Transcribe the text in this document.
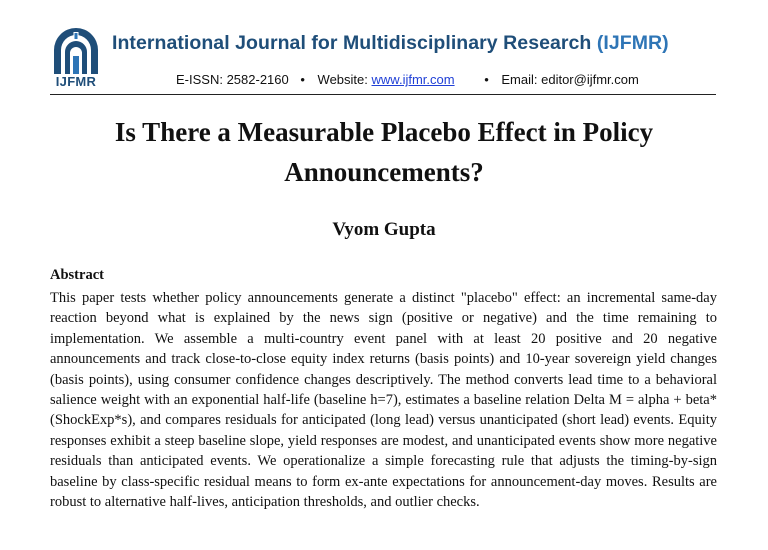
IJFMR
International Journal for Multidisciplinary Research (IJFMR)
E-ISSN: 2582-2160 • Website: www.ijfmr.com • Email: editor@ijfmr.com
Is There a Measurable Placebo Effect in Policy
Announcements?
Vyom Gupta
Abstract

This paper tests whether policy announcements generate a distinct "placebo" effect: an incremental same-day reaction beyond what is explained by the news sign (positive or negative) and the time remaining to implementation. We assemble a multi-country event panel with at least 20 positive and 20 negative announcements and track close-to-close equity index returns (basis points) and 10-year sovereign yield changes (basis points), using consumer confidence changes descriptively. The method converts lead time to a behavioral salience weight with an exponential half-life (baseline h=7), estimates a baseline relation Delta M = alpha + beta*(ShockExp*s), and compares residuals for anticipated (long lead) versus unanticipated (short lead) events. Equity responses exhibit a steep baseline slope, yield responses are modest, and unanticipated events show more negative residuals than anticipated events. We operationalize a simple forecasting rule that adjusts the timing-by-sign baseline by class-specific residual means to form ex-ante expectations for announcement-day moves. Results are robust to alternative half-lives, anticipation thresholds, and outlier checks.
